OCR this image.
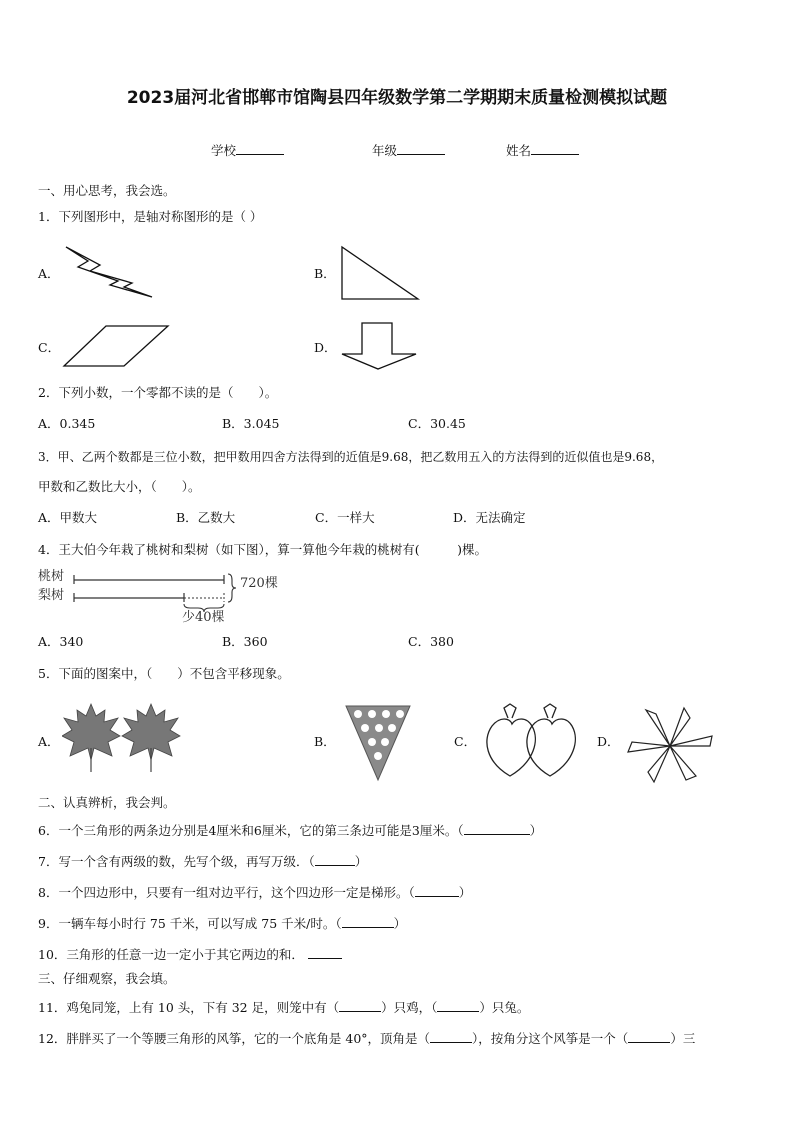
2023届河北省邯郸市馆陶县四年级数学第二学期期末质量检测模拟试题
学校	年级	姓名
一、用心思考，我会选。
1．下列图形中，是轴对称图形的是（ ）
A．	B．
C．	D．
2．下列小数，一个零都不读的是（　　）。
A．0.345	B．3.045	C．30.45
3．甲、乙两个数都是三位小数，把甲数用四舍方法得到的近值是9.68，把乙数用五入的方法得到的近似值也是9.68，
甲数和乙数比大小，（　　）。
A．甲数大	B．乙数大	C．一样大	D．无法确定
4．王大伯今年栽了桃树和梨树（如下图），算一算他今年栽的桃树有(　　　)棵。
桃树
梨树
720棵
少40棵
A．340	B．360	C．380
5．下面的图案中，（　　）不包含平移现象。
A．	B．	C．	D．
二、认真辨析，我会判。
6．一个三角形的两条边分别是4厘米和6厘米，它的第三条边可能是3厘米。（	）
7．写一个含有两级的数，先写个级，再写万级．（	）
8．一个四边形中，只要有一组对边平行，这个四边形一定是梯形。（	）
9．一辆车每小时行 75 千米，可以写成 75 千米/时。（	）
10．三角形的任意一边一定小于其它两边的和．
三、仔细观察，我会填。
11．鸡兔同笼，上有 10 头，下有 32 足，则笼中有（	）只鸡，（	）只兔。
12．胖胖买了一个等腰三角形的风筝，它的一个底角是 40°，顶角是（	），按角分这个风筝是一个（	）三
